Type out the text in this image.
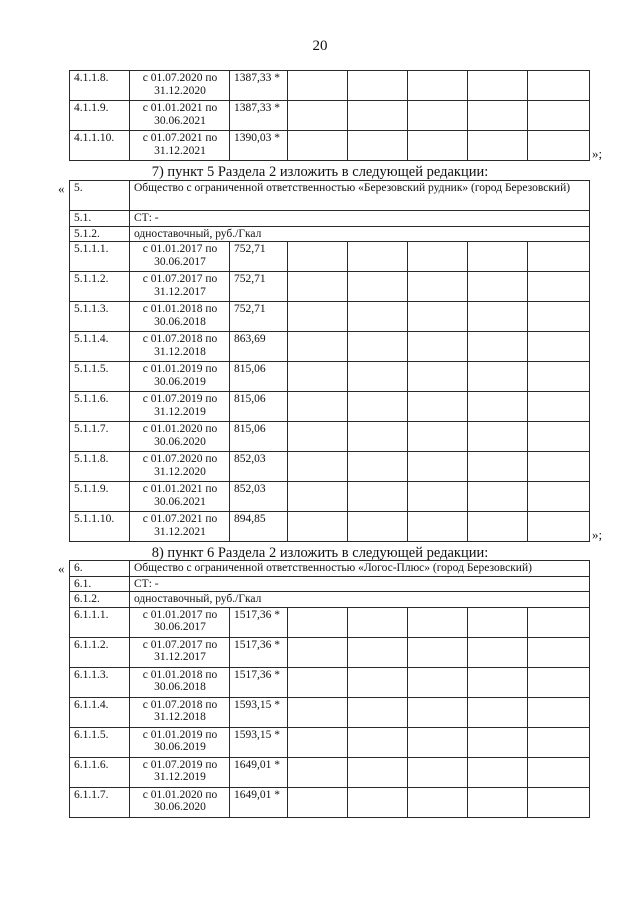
20
4.1.1.8.	с 01.07.2020 по 31.12.2020	1387,33 *					
4.1.1.9.	с 01.01.2021 по 30.06.2021	1387,33 *					
4.1.1.10.	с 01.07.2021 по 31.12.2021	1390,03 *					
»;
7) пункт 5 Раздела 2 изложить в следующей редакции:
« 5.	Общество с ограниченной ответственностью «Березовский рудник» (город Березовский)						
5.1.	СТ: -						
5.1.2.	одноставочный, руб./Гкал						
5.1.1.1.	с 01.01.2017 по 30.06.2017	752,71					
5.1.1.2.	с 01.07.2017 по 31.12.2017	752,71					
5.1.1.3.	с 01.01.2018 по 30.06.2018	752,71					
5.1.1.4.	с 01.07.2018 по 31.12.2018	863,69					
5.1.1.5.	с 01.01.2019 по 30.06.2019	815,06					
5.1.1.6.	с 01.07.2019 по 31.12.2019	815,06					
5.1.1.7.	с 01.01.2020 по 30.06.2020	815,06					
5.1.1.8.	с 01.07.2020 по 31.12.2020	852,03					
5.1.1.9.	с 01.01.2021 по 30.06.2021	852,03					
5.1.1.10.	с 01.07.2021 по 31.12.2021	894,85					
»;
8) пункт 6 Раздела 2 изложить в следующей редакции:
« 6.	Общество с ограниченной ответственностью «Логос-Плюс» (город Березовский)						
6.1.	СТ: -						
6.1.2.	одноставочный, руб./Гкал						
6.1.1.1.	с 01.01.2017 по 30.06.2017	1517,36 *					
6.1.1.2.	с 01.07.2017 по 31.12.2017	1517,36 *					
6.1.1.3.	с 01.01.2018 по 30.06.2018	1517,36 *					
6.1.1.4.	с 01.07.2018 по 31.12.2018	1593,15 *					
6.1.1.5.	с 01.01.2019 по 30.06.2019	1593,15 *					
6.1.1.6.	с 01.07.2019 по 31.12.2019	1649,01 *					
6.1.1.7.	с 01.01.2020 по 30.06.2020	1649,01 *					
